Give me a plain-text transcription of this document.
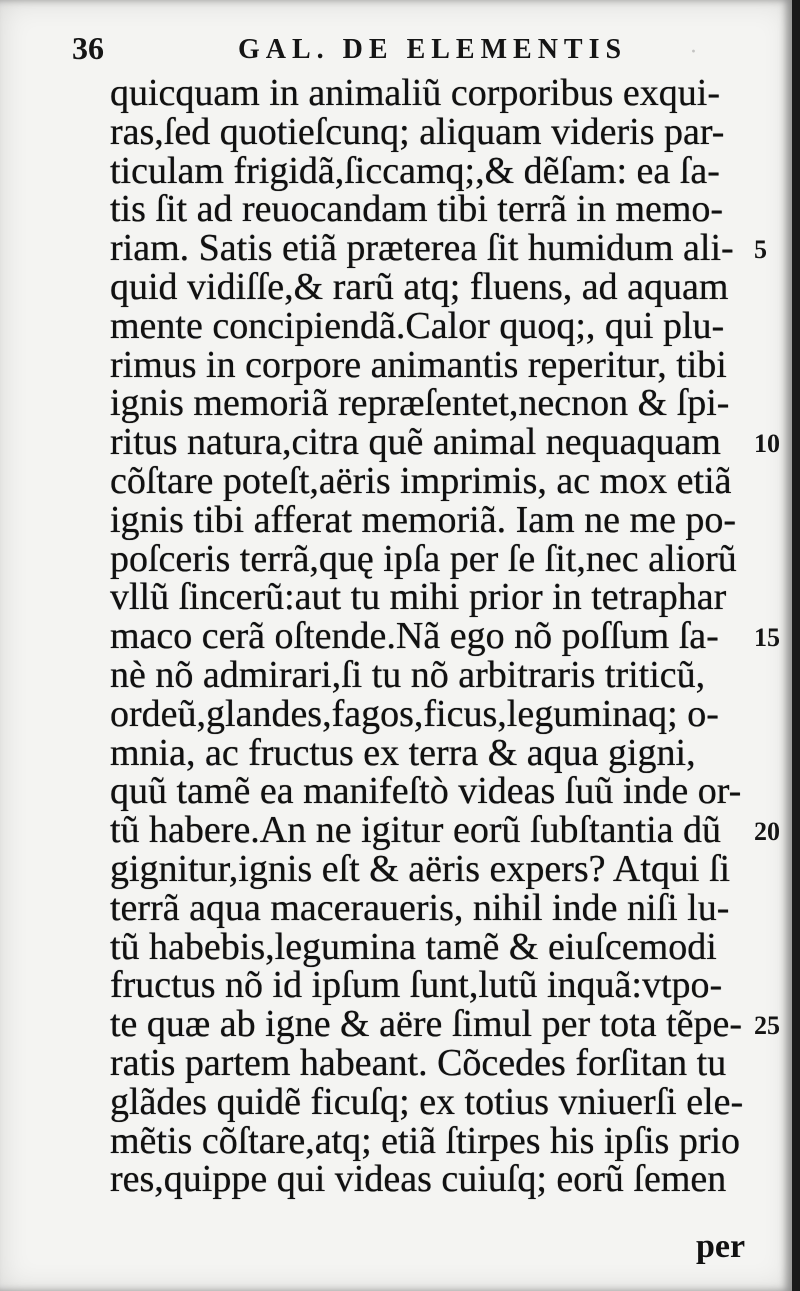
·
36	GAL. DE ELEMENTIS
quicquam in animaliũ corporibus exqui-
ras,ſed quotieſcunq; aliquam videris par-
ticulam frigidã,ſiccamq;,& dẽſam: ea ſa-
tis ſit ad reuocandam tibi terrã in memo-
riam. Satis etiã præterea ſit humidum ali-
quid vidiſſe,& rarũ atq; fluens, ad aquam
mente concipiendã.Calor quoq;, qui plu-
rimus in corpore animantis reperitur, tibi
ignis memoriã repræſentet,necnon & ſpi-
ritus natura,citra quẽ animal nequaquam
cõſtare poteſt,aëris imprimis, ac mox etiã
ignis tibi afferat memoriã. Iam ne me po-
poſceris terrã,quę ipſa per ſe ſit,nec aliorũ
vllũ ſincerũ:aut tu mihi prior in tetraphar
maco cerã oſtende.Nã ego nõ poſſum ſa-
nè nõ admirari,ſi tu nõ arbitraris triticũ,
ordeũ,glandes,fagos,ficus,leguminaq; o-
mnia, ac fructus ex terra & aqua gigni,
quũ tamẽ ea manifeſtò videas ſuũ inde or-
tũ habere.An ne igitur eorũ ſubſtantia dũ
gignitur,ignis eſt & aëris expers? Atqui ſi
terrã aqua maceraueris, nihil inde niſi lu-
tũ habebis,legumina tamẽ & eiuſcemodi
fructus nõ id ipſum ſunt,lutũ inquã:vtpo-
te quæ ab igne & aëre ſimul per tota tẽpe-
ratis partem habeant. Cõcedes forſitan tu
glãdes quidẽ ficuſq; ex totius vniuerſi ele-
mẽtis cõſtare,atq; etiã ſtirpes his ipſis prio
res,quippe qui videas cuiuſq; eorũ ſemen
5
10
15
20
25
per
